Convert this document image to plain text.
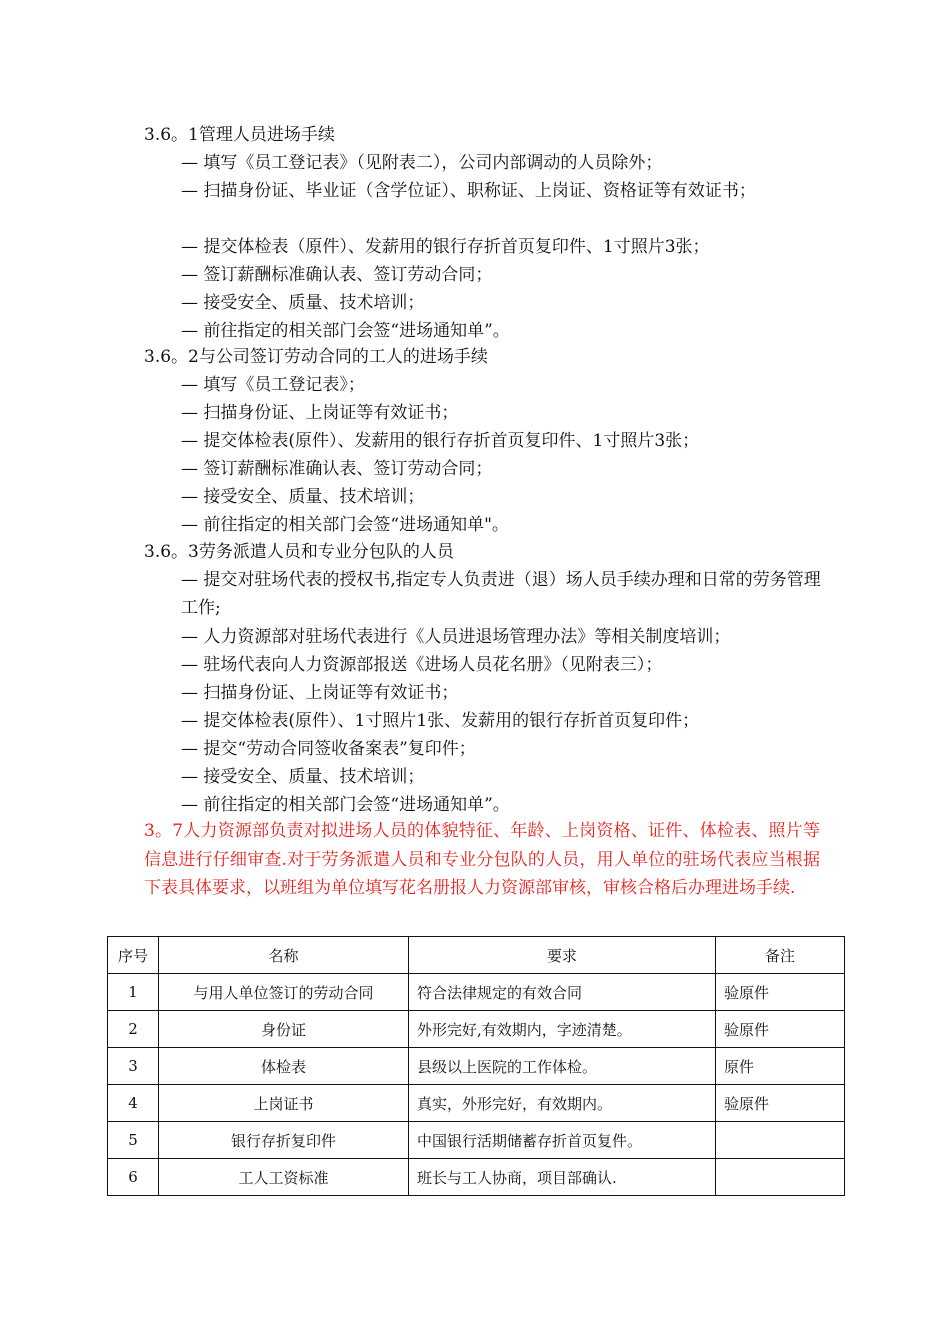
3.6。1管理人员进场手续
— 填写《员工登记表》（见附表二），公司内部调动的人员除外；
— 扫描身份证、毕业证（含学位证）、职称证、上岗证、资格证等有效证书；
— 提交体检表（原件）、发薪用的银行存折首页复印件、1寸照片3张；
— 签订薪酬标准确认表、签订劳动合同；
— 接受安全、质量、技术培训；
— 前往指定的相关部门会签“进场通知单”。
3.6。2与公司签订劳动合同的工人的进场手续
— 填写《员工登记表》；
— 扫描身份证、上岗证等有效证书；
— 提交体检表(原件）、发薪用的银行存折首页复印件、1寸照片3张；
— 签订薪酬标准确认表、签订劳动合同；
— 接受安全、质量、技术培训；
— 前往指定的相关部门会签“进场通知单"。
3.6。3劳务派遣人员和专业分包队的人员
— 提交对驻场代表的授权书,指定专人负责进（退）场人员手续办理和日常的劳务管理工作;
— 人力资源部对驻场代表进行《人员进退场管理办法》等相关制度培训；
— 驻场代表向人力资源部报送《进场人员花名册》（见附表三）；
— 扫描身份证、上岗证等有效证书；
— 提交体检表(原件）、1寸照片1张、发薪用的银行存折首页复印件；
— 提交“劳动合同签收备案表”复印件；
— 接受安全、质量、技术培训；
— 前往指定的相关部门会签“进场通知单”。
3。7人力资源部负责对拟进场人员的体貌特征、年龄、上岗资格、证件、体检表、照片等信息进行仔细审查.对于劳务派遣人员和专业分包队的人员，用人单位的驻场代表应当根据下表具体要求，以班组为单位填写花名册报人力资源部审核，审核合格后办理进场手续.
序号	名称	要求	备注
1	与用人单位签订的劳动合同	符合法律规定的有效合同	验原件
2	身份证	外形完好,有效期内，字迹清楚。	验原件
3	体检表	县级以上医院的工作体检。	原件
4	上岗证书	真实，外形完好，有效期内。	验原件
5	银行存折复印件	中国银行活期储蓄存折首页复件。	
6	工人工资标准	班长与工人协商，项目部确认.	
